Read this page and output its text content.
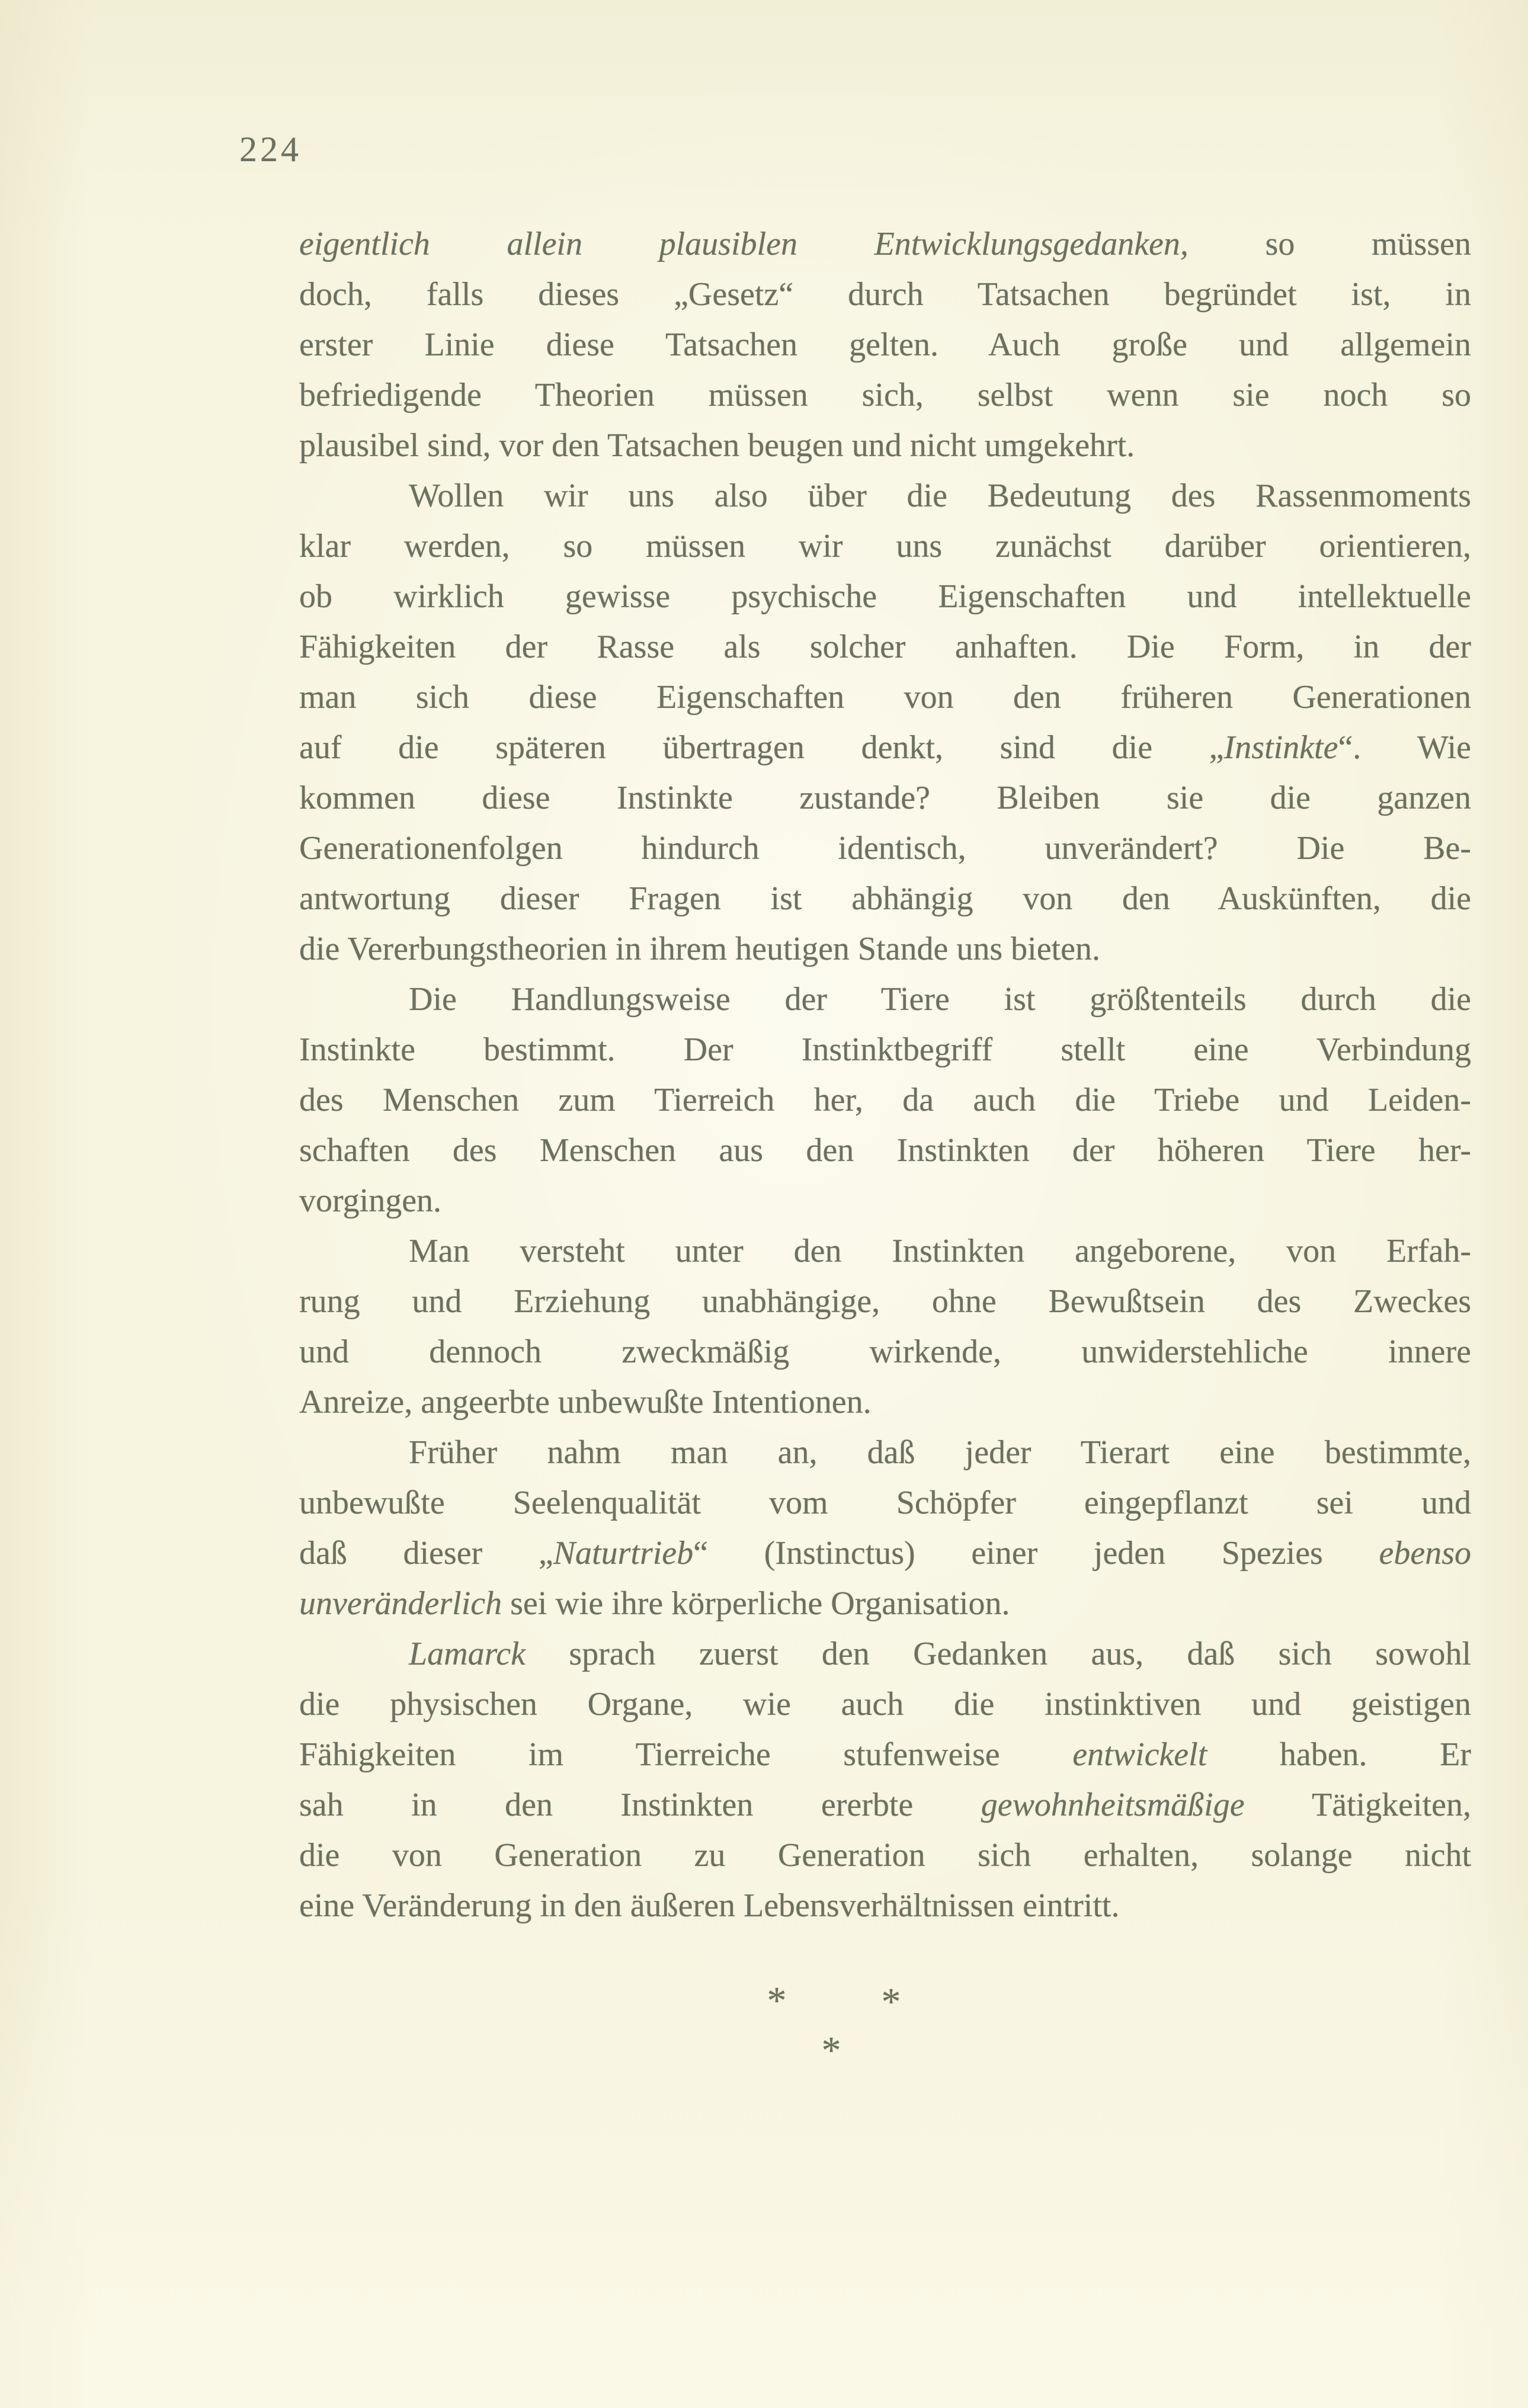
224
eigentlich allein plausiblen Entwicklungsgedanken, so müssen
doch, falls dieses „Gesetz“ durch Tatsachen begründet ist, in
erster Linie diese Tatsachen gelten. Auch große und allgemein
befriedigende Theorien müssen sich, selbst wenn sie noch so
plausibel sind, vor den Tatsachen beugen und nicht umgekehrt.
Wollen wir uns also über die Bedeutung des Rassenmoments
klar werden, so müssen wir uns zunächst darüber orientieren,
ob wirklich gewisse psychische Eigenschaften und intellektuelle
Fähigkeiten der Rasse als solcher anhaften. Die Form, in der
man sich diese Eigenschaften von den früheren Generationen
auf die späteren übertragen denkt, sind die „Instinkte“. Wie
kommen diese Instinkte zustande? Bleiben sie die ganzen
Generationenfolgen hindurch identisch, unverändert? Die Be-
antwortung dieser Fragen ist abhängig von den Auskünften, die
die Vererbungstheorien in ihrem heutigen Stande uns bieten.
Die Handlungsweise der Tiere ist größtenteils durch die
Instinkte bestimmt. Der Instinktbegriff stellt eine Verbindung
des Menschen zum Tierreich her, da auch die Triebe und Leiden-
schaften des Menschen aus den Instinkten der höheren Tiere her-
vorgingen.
Man versteht unter den Instinkten angeborene, von Erfah-
rung und Erziehung unabhängige, ohne Bewußtsein des Zweckes
und dennoch zweckmäßig wirkende, unwiderstehliche innere
Anreize, angeerbte unbewußte Intentionen.
Früher nahm man an, daß jeder Tierart eine bestimmte,
unbewußte Seelenqualität vom Schöpfer eingepflanzt sei und
daß dieser „Naturtrieb“ (Instinctus) einer jeden Spezies ebenso
unveränderlich sei wie ihre körperliche Organisation.
Lamarck sprach zuerst den Gedanken aus, daß sich sowohl
die physischen Organe, wie auch die instinktiven und geistigen
Fähigkeiten im Tierreiche stufenweise entwickelt haben. Er
sah in den Instinkten ererbte gewohnheitsmäßige Tätigkeiten,
die von Generation zu Generation sich erhalten, solange nicht
eine Veränderung in den äußeren Lebensverhältnissen eintritt.
* *
*
